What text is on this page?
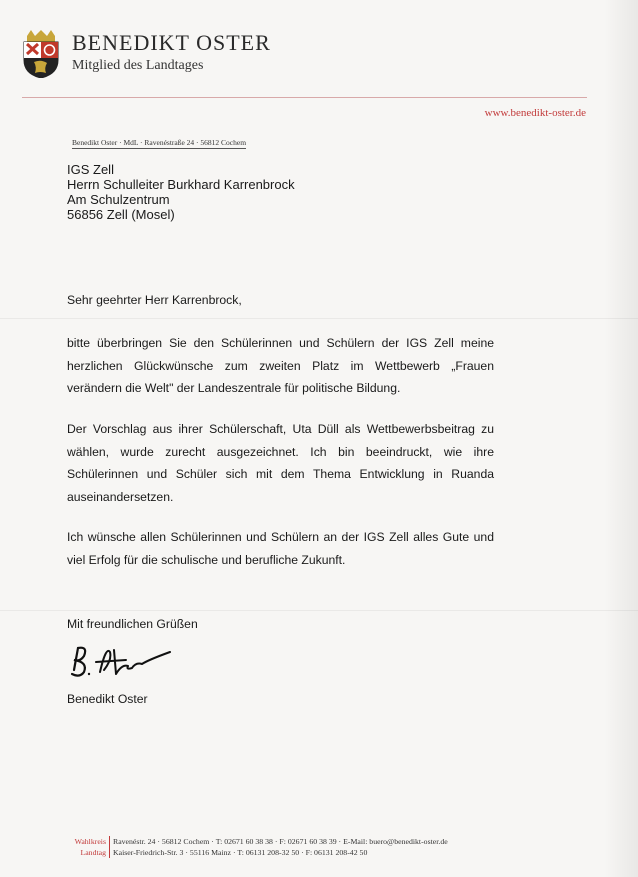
BENEDIKT OSTER
Mitglied des Landtages
www.benedikt-oster.de
Benedikt Oster · MdL · Ravenéstraße 24 · 56812 Cochem
IGS Zell
Herrn Schulleiter Burkhard Karrenbrock
Am Schulzentrum
56856 Zell (Mosel)
Sehr geehrter Herr Karrenbrock,
bitte überbringen Sie den Schülerinnen und Schülern der IGS Zell meine herzlichen Glückwünsche zum zweiten Platz im Wettbewerb „Frauen verändern die Welt" der Landeszentrale für politische Bildung.
Der Vorschlag aus ihrer Schülerschaft, Uta Düll als Wettbewerbsbeitrag zu wählen, wurde zurecht ausgezeichnet. Ich bin beeindruckt, wie ihre Schülerinnen und Schüler sich mit dem Thema Entwicklung in Ruanda auseinandersetzen.
Ich wünsche allen Schülerinnen und Schülern an der IGS Zell alles Gute und viel Erfolg für die schulische und berufliche Zukunft.
Mit freundlichen Grüßen
Benedikt Oster
Wahlkreis Ravenéstr. 24 · 56812 Cochem · T: 02671 60 38 38 · F: 02671 60 38 39 · E-Mail: buero@benedikt-oster.de
Landtag Kaiser-Friedrich-Str. 3 · 55116 Mainz · T: 06131 208-32 50 · F: 06131 208-42 50
